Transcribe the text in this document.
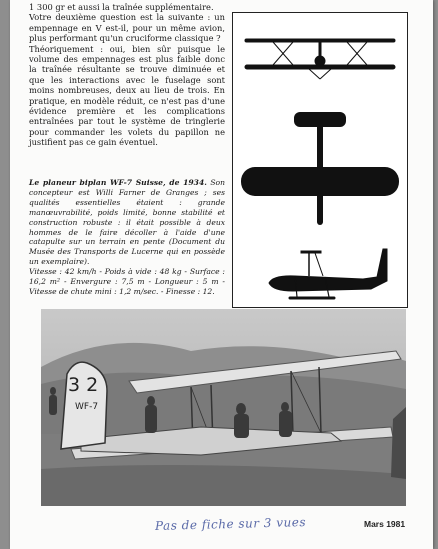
1 300 gr et aussi la traînée supplémentaire.
Votre deuxième question est la suivante : un empennage en V est-il, pour un même avion, plus performant qu'un cruciforme classique ?
Théoriquement : oui, bien sûr puisque le volume des empennages est plus faible donc la traînée résultante se trouve diminuée et que les interactions avec le fuselage sont moins nombreuses, deux au lieu de trois. En pratique, en modèle réduit, ce n'est pas d'une évidence première et les complications entraînées par tout le système de tringlerie pour commander les volets du papillon ne justifient pas ce gain éventuel.
Le planeur biplan WF-7 Suisse, de 1934. Son concepteur est Willi Farner de Granges ; ses qualités essentielles étaient : grande manœuvrabilité, poids limité, bonne stabilité et construction robuste : il était possible à deux hommes de le faire décoller à l'aide d'une catapulte sur un terrain en pente (Document du Musée des Transports de Lucerne qui en possède un exemplaire).
Vitesse : 42 km/h - Poids à vide : 48 kg - Surface : 16,2 m² - Envergure : 7,5 m - Longueur : 5 m - Vitesse de chute mini : 1,2 m/sec. - Finesse : 12.
3 2
WF-7
Pas de fiche sur 3 vues	Mars 1981
